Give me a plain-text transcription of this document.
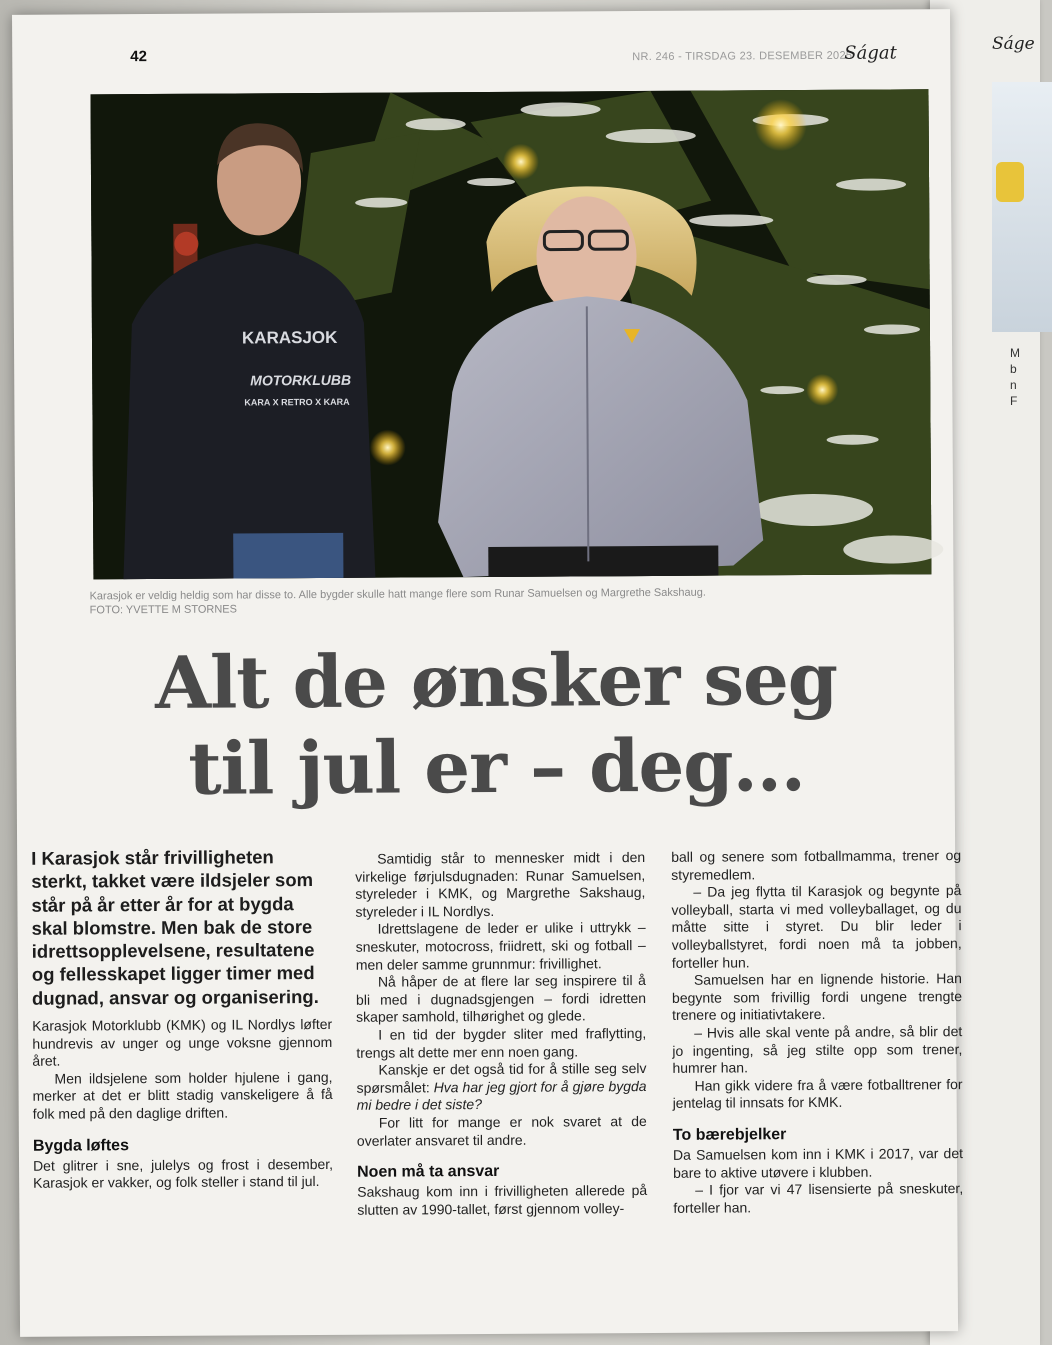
Ságe
M
b
n
F
42	NR. 246 - TIRSDAG 23. DESEMBER 2025
Ságat
KARASJOK
MOTORKLUBB
KARA X RETRO X KARA
Karasjok er veldig heldig som har disse to. Alle bygder skulle hatt mange flere som Runar Samuelsen og Margrethe Sakshaug.
FOTO: YVETTE M STORNES
Alt de ønsker seg
til jul er – deg...

I Karasjok står frivilligheten sterkt, takket være ildsjeler som står på år etter år for at bygda skal blomstre. Men bak de store idrettsopplevelsene, resultatene og fellesskapet ligger timer med dugnad, ansvar og organisering.

Karasjok Motorklubb (KMK) og IL Nordlys løfter hundrevis av unger og unge voksne gjennom året.

Men ildsjelene som holder hjulene i gang, merker at det er blitt stadig vanskeligere å få folk med på den daglige driften.

Bygda løftes

Det glitrer i sne, julelys og frost i desember, Karasjok er vakker, og folk steller i stand til jul.

Samtidig står to mennesker midt i den virkelige førjulsdugnaden: Runar Samuelsen, styreleder i KMK, og Margrethe Sakshaug, styreleder i IL Nordlys.

Idrettslagene de leder er ulike i uttrykk – sneskuter, motocross, friidrett, ski og fotball – men deler samme grunnmur: frivillighet.

Nå håper de at flere lar seg inspirere til å bli med i dugnadsgjengen – fordi idretten skaper samhold, tilhørighet og glede.

I en tid der bygder sliter med fraflytting, trengs alt dette mer enn noen gang.

Kanskje er det også tid for å stille seg selv spørsmålet: Hva har jeg gjort for å gjøre bygda mi bedre i det siste?

For litt for mange er nok svaret at de overlater ansvaret til andre.

Noen må ta ansvar

Sakshaug kom inn i frivilligheten allerede på slutten av 1990-tallet, først gjennom volley-

ball og senere som fotballmamma, trener og styremedlem.

– Da jeg flytta til Karasjok og begynte på volleyball, starta vi med volleyballaget, og du måtte sitte i styret. Du blir leder i volleyballstyret, fordi noen må ta jobben, forteller hun.

Samuelsen har en lignende historie. Han begynte som frivillig fordi ungene trengte trenere og initiativtakere.

– Hvis alle skal vente på andre, så blir det jo ingenting, så jeg stilte opp som trener, humrer han.

Han gikk videre fra å være fotballtrener for jentelag til innsats for KMK.

To bærebjelker

Da Samuelsen kom inn i KMK i 2017, var det bare to aktive utøvere i klubben.

– I fjor var vi 47 lisensierte på sneskuter, forteller han.
